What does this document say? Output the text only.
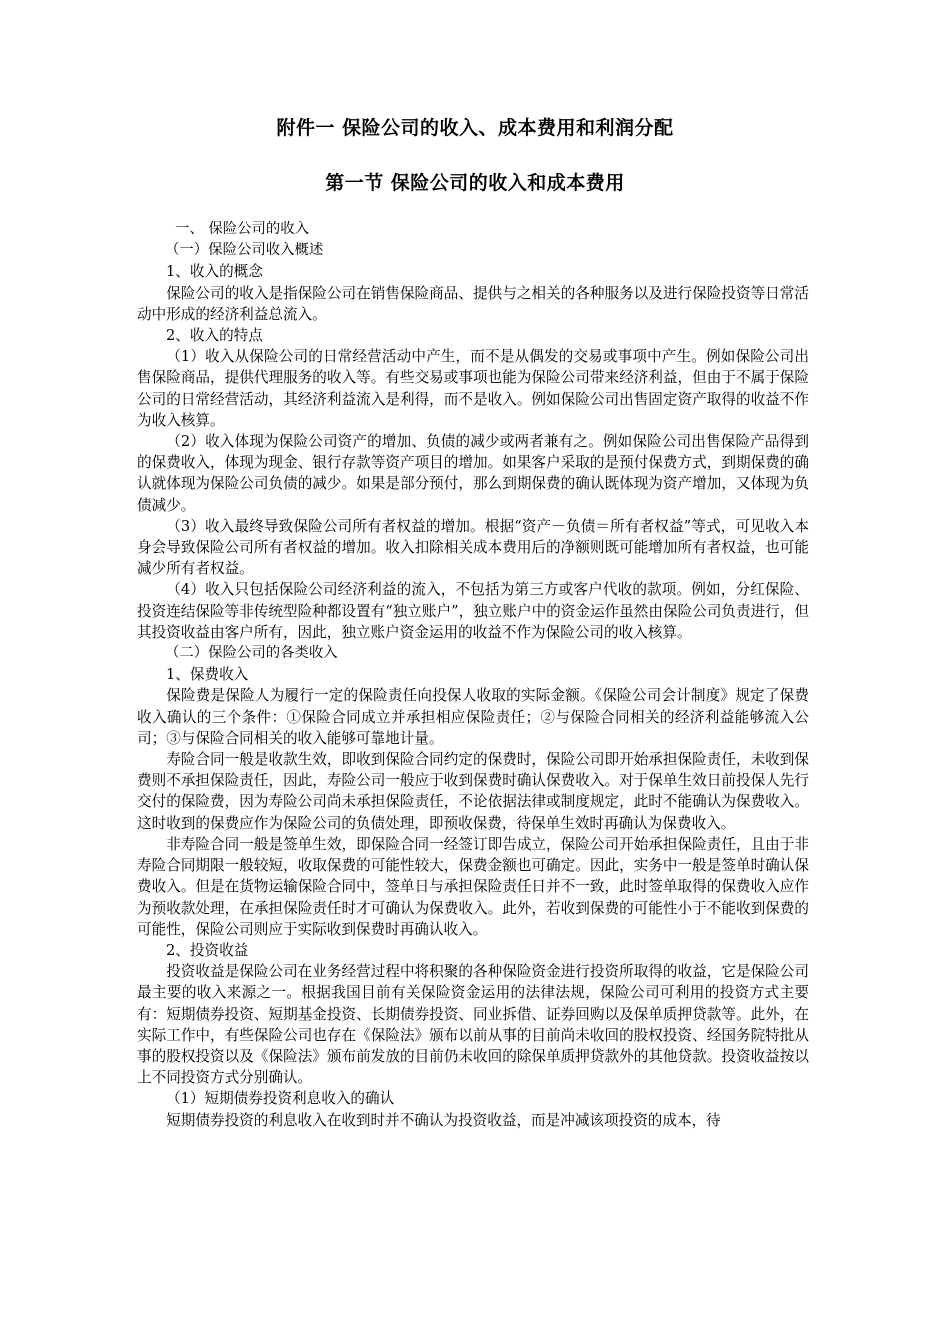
附件一 保险公司的收入、成本费用和利润分配
第一节 保险公司的收入和成本费用

一、 保险公司的收入

（一）保险公司收入概述

1、收入的概念

保险公司的收入是指保险公司在销售保险商品、提供与之相关的各种服务以及进行保险投资等日常活动中形成的经济利益总流入。

2、收入的特点

（1）收入从保险公司的日常经营活动中产生，而不是从偶发的交易或事项中产生。例如保险公司出售保险商品，提供代理服务的收入等。有些交易或事项也能为保险公司带来经济利益，但由于不属于保险公司的日常经营活动，其经济利益流入是利得，而不是收入。例如保险公司出售固定资产取得的收益不作为收入核算。

（2）收入体现为保险公司资产的增加、负债的减少或两者兼有之。例如保险公司出售保险产品得到的保费收入，体现为现金、银行存款等资产项目的增加。如果客户采取的是预付保费方式，到期保费的确认就体现为保险公司负债的减少。如果是部分预付，那么到期保费的确认既体现为资产增加，又体现为负债减少。

（3）收入最终导致保险公司所有者权益的增加。根据“资产－负债＝所有者权益”等式，可见收入本身会导致保险公司所有者权益的增加。收入扣除相关成本费用后的净额则既可能增加所有者权益，也可能减少所有者权益。

（4）收入只包括保险公司经济利益的流入，不包括为第三方或客户代收的款项。例如，分红保险、投资连结保险等非传统型险种都设置有“独立账户”，独立账户中的资金运作虽然由保险公司负责进行，但其投资收益由客户所有，因此，独立账户资金运用的收益不作为保险公司的收入核算。

（二）保险公司的各类收入

1、保费收入

保险费是保险人为履行一定的保险责任向投保人收取的实际金额。《保险公司会计制度》规定了保费收入确认的三个条件：①保险合同成立并承担相应保险责任；②与保险合同相关的经济利益能够流入公司；③与保险合同相关的收入能够可靠地计量。

寿险合同一般是收款生效，即收到保险合同约定的保费时，保险公司即开始承担保险责任，未收到保费则不承担保险责任，因此，寿险公司一般应于收到保费时确认保费收入。对于保单生效日前投保人先行交付的保险费，因为寿险公司尚未承担保险责任，不论依据法律或制度规定，此时不能确认为保费收入。这时收到的保费应作为保险公司的负债处理，即预收保费，待保单生效时再确认为保费收入。

非寿险合同一般是签单生效，即保险合同一经签订即告成立，保险公司开始承担保险责任，且由于非寿险合同期限一般较短，收取保费的可能性较大，保费金额也可确定。因此，实务中一般是签单时确认保费收入。但是在货物运输保险合同中，签单日与承担保险责任日并不一致，此时签单取得的保费收入应作为预收款处理，在承担保险责任时才可确认为保费收入。此外，若收到保费的可能性小于不能收到保费的可能性，保险公司则应于实际收到保费时再确认收入。

2、投资收益

投资收益是保险公司在业务经营过程中将积聚的各种保险资金进行投资所取得的收益，它是保险公司最主要的收入来源之一。根据我国目前有关保险资金运用的法律法规，保险公司可利用的投资方式主要有：短期债券投资、短期基金投资、长期债券投资、同业拆借、证券回购以及保单质押贷款等。此外，在实际工作中，有些保险公司也存在《保险法》颁布以前从事的目前尚未收回的股权投资、经国务院特批从事的股权投资以及《保险法》颁布前发放的目前仍未收回的除保单质押贷款外的其他贷款。投资收益按以上不同投资方式分别确认。

（1）短期债券投资利息收入的确认

短期债券投资的利息收入在收到时并不确认为投资收益，而是冲减该项投资的成本，待
